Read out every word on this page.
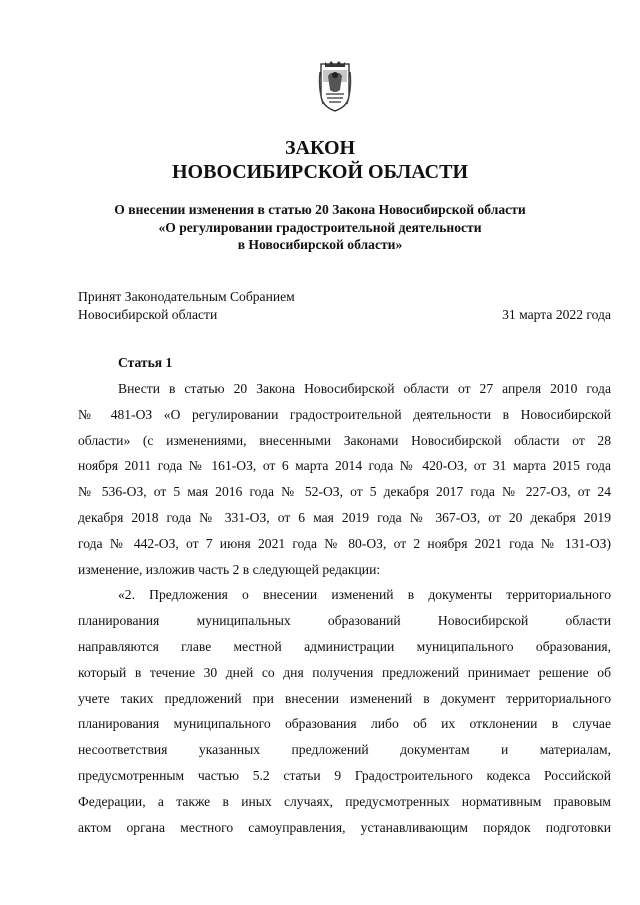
ЗАКОН
НОВОСИБИРСКОЙ ОБЛАСТИ
О внесении изменения в статью 20 Закона Новосибирской области
«О регулировании градостроительной деятельности
в Новосибирской области»
Принят Законодательным Собранием
Новосибирской области	31 марта 2022 года
Статья 1
Внести в статью 20 Закона Новосибирской области от 27 апреля 2010 года
№ 481-ОЗ «О регулировании градостроительной деятельности в Новосибирской
области» (с изменениями, внесенными Законами Новосибирской области от 28
ноября 2011 года № 161-ОЗ, от 6 марта 2014 года № 420-ОЗ, от 31 марта 2015 года
№ 536-ОЗ, от 5 мая 2016 года № 52-ОЗ, от 5 декабря 2017 года № 227-ОЗ, от 24
декабря 2018 года № 331-ОЗ, от 6 мая 2019 года № 367-ОЗ, от 20 декабря 2019
года № 442-ОЗ, от 7 июня 2021 года № 80-ОЗ, от 2 ноября 2021 года № 131-ОЗ)
изменение, изложив часть 2 в следующей редакции:
«2. Предложения о внесении изменений в документы территориального
планирования муниципальных образований Новосибирской области
направляются главе местной администрации муниципального образования,
который в течение 30 дней со дня получения предложений принимает решение об
учете таких предложений при внесении изменений в документ территориального
планирования муниципального образования либо об их отклонении в случае
несоответствия указанных предложений документам и материалам,
предусмотренным частью 5.2 статьи 9 Градостроительного кодекса Российской
Федерации, а также в иных случаях, предусмотренных нормативным правовым
актом органа местного самоуправления, устанавливающим порядок подготовки
